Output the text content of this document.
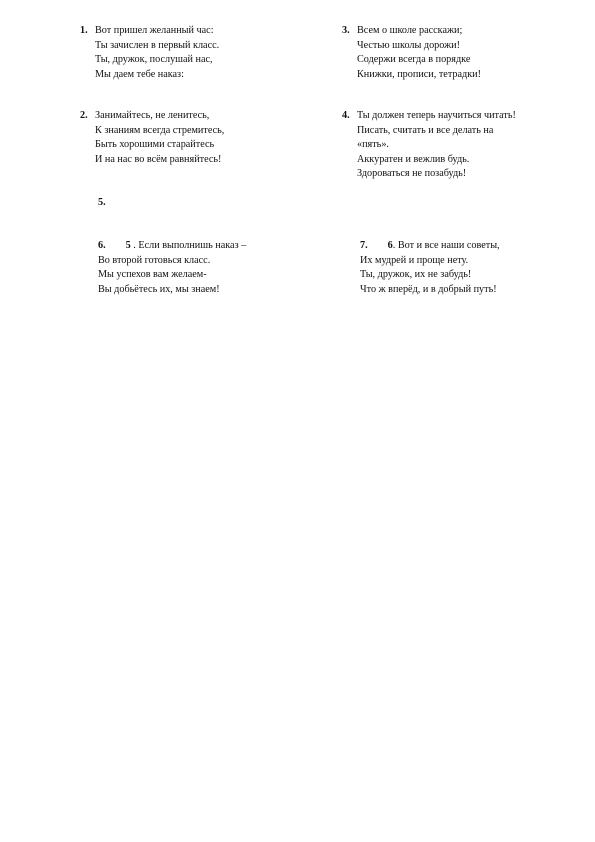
1. Вот пришел желанный час:
Ты зачислен в первый класс.
Ты, дружок, послушай нас,
Мы даем тебе наказ:
3. Всем о школе расскажи;
Честью школы дорожи!
Содержи всегда в порядке
Книжки, прописи, тетрадки!
2. Занимайтесь, не ленитесь,
К знаниям всегда стремитесь,
Быть хорошими старайтесь
И на нас во всём равняйтесь!
4. Ты должен теперь научиться читать!
Писать, считать и все делать на
«пять».
Аккуратен и вежлив будь.
Здороваться не позабудь!
5.
6. 5 . Если выполнишь наказ –
Во второй готовься класс.
Мы успехов вам желаем-
Вы добьётесь их, мы знаем!
7. 6. Вот и все наши советы,
Их мудрей и проще нету.
Ты, дружок, их не забудь!
Что ж вперёд, и в добрый путь!
